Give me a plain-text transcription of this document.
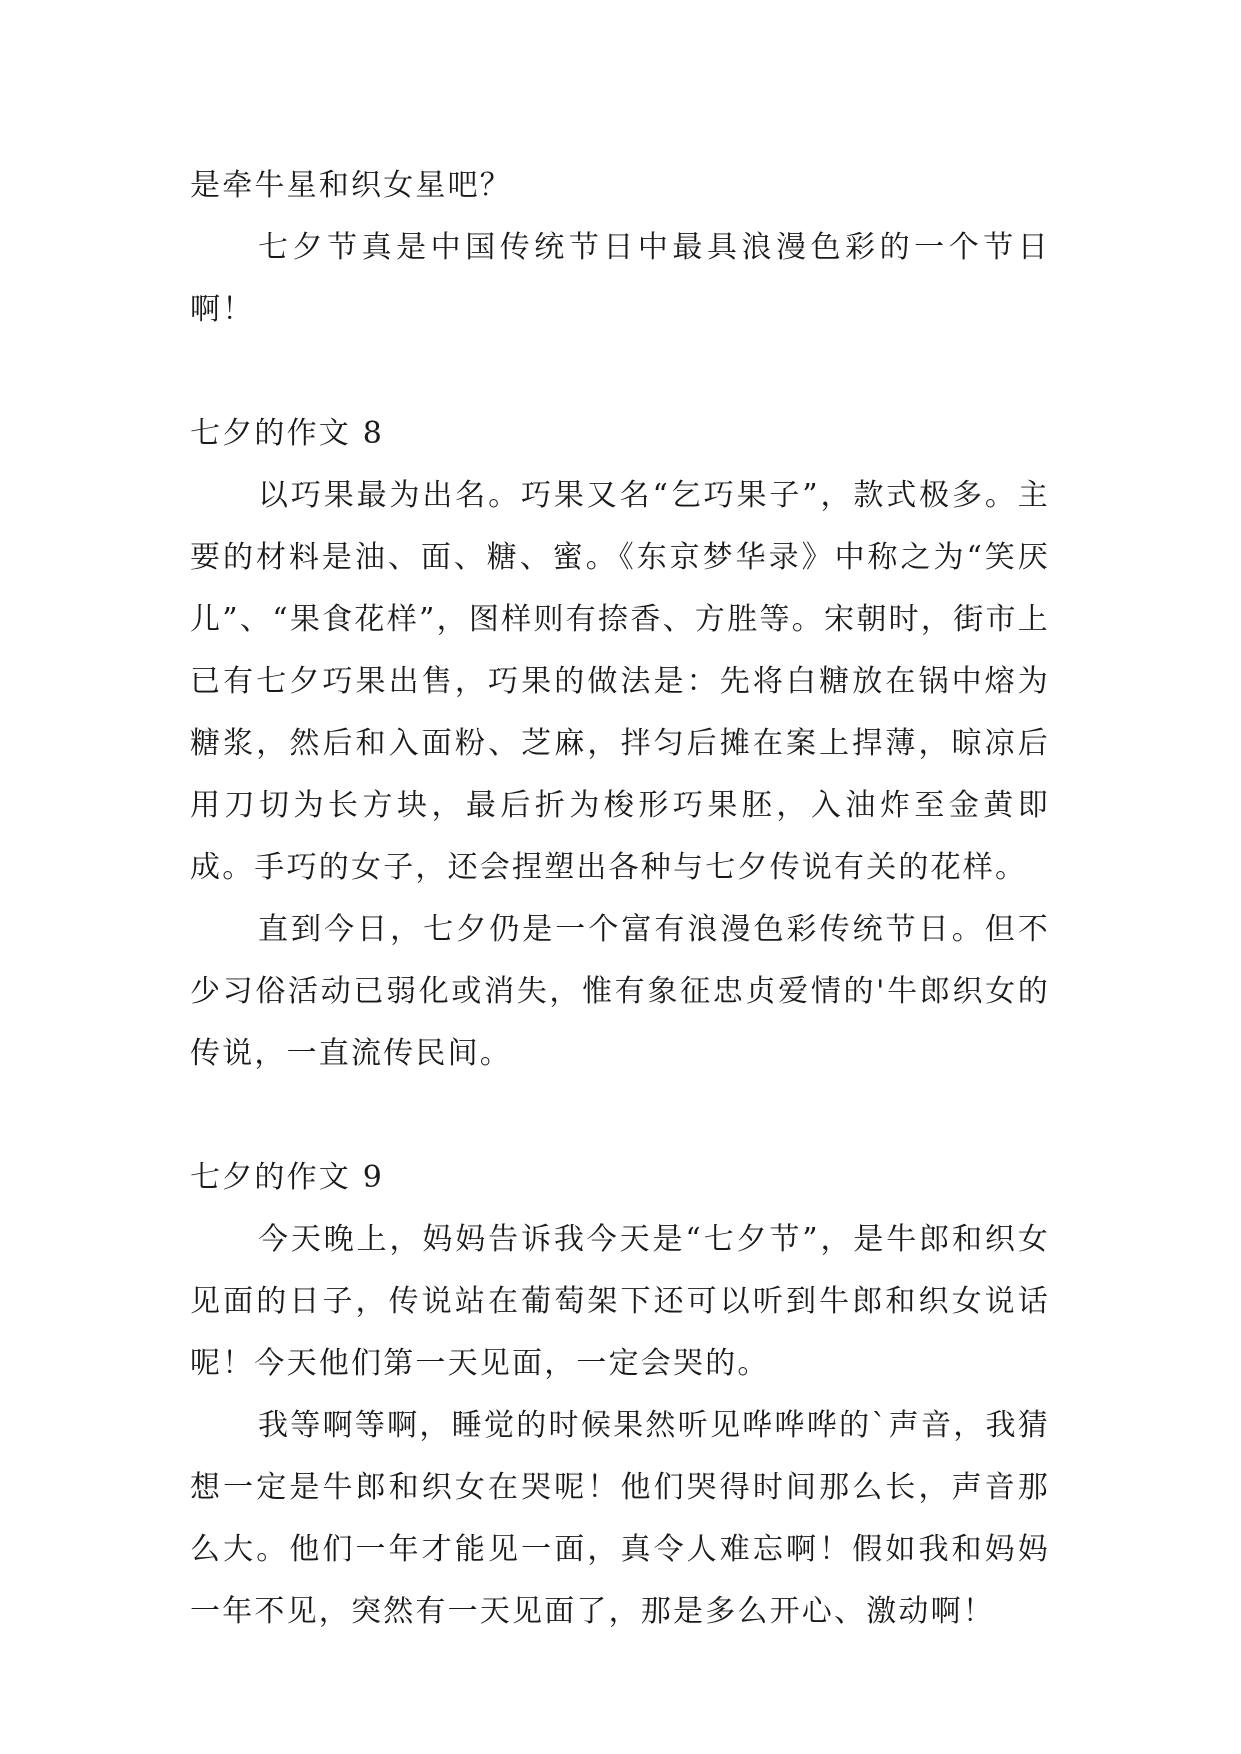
是牵牛星和织女星吧？

七夕节真是中国传统节日中最具浪漫色彩的一个节日啊！

七夕的作文 8

以巧果最为出名。巧果又名“乞巧果子”，款式极多。主要的材料是油、面、糖、蜜。《东京梦华录》中称之为“笑厌儿”、“果食花样”，图样则有捺香、方胜等。宋朝时，街市上已有七夕巧果出售，巧果的做法是：先将白糖放在锅中熔为糖浆，然后和入面粉、芝麻，拌匀后摊在案上捍薄，晾凉后用刀切为长方块，最后折为梭形巧果胚，入油炸至金黄即成。手巧的女子，还会捏塑出各种与七夕传说有关的花样。

直到今日，七夕仍是一个富有浪漫色彩传统节日。但不少习俗活动已弱化或消失，惟有象征忠贞爱情的'牛郎织女的传说，一直流传民间。

七夕的作文 9

今天晚上，妈妈告诉我今天是“七夕节”，是牛郎和织女见面的日子，传说站在葡萄架下还可以听到牛郎和织女说话呢！今天他们第一天见面，一定会哭的。

我等啊等啊，睡觉的时候果然听见哗哗哗的`声音，我猜想一定是牛郎和织女在哭呢！他们哭得时间那么长，声音那么大。他们一年才能见一面，真令人难忘啊！假如我和妈妈一年不见，突然有一天见面了，那是多么开心、激动啊！
